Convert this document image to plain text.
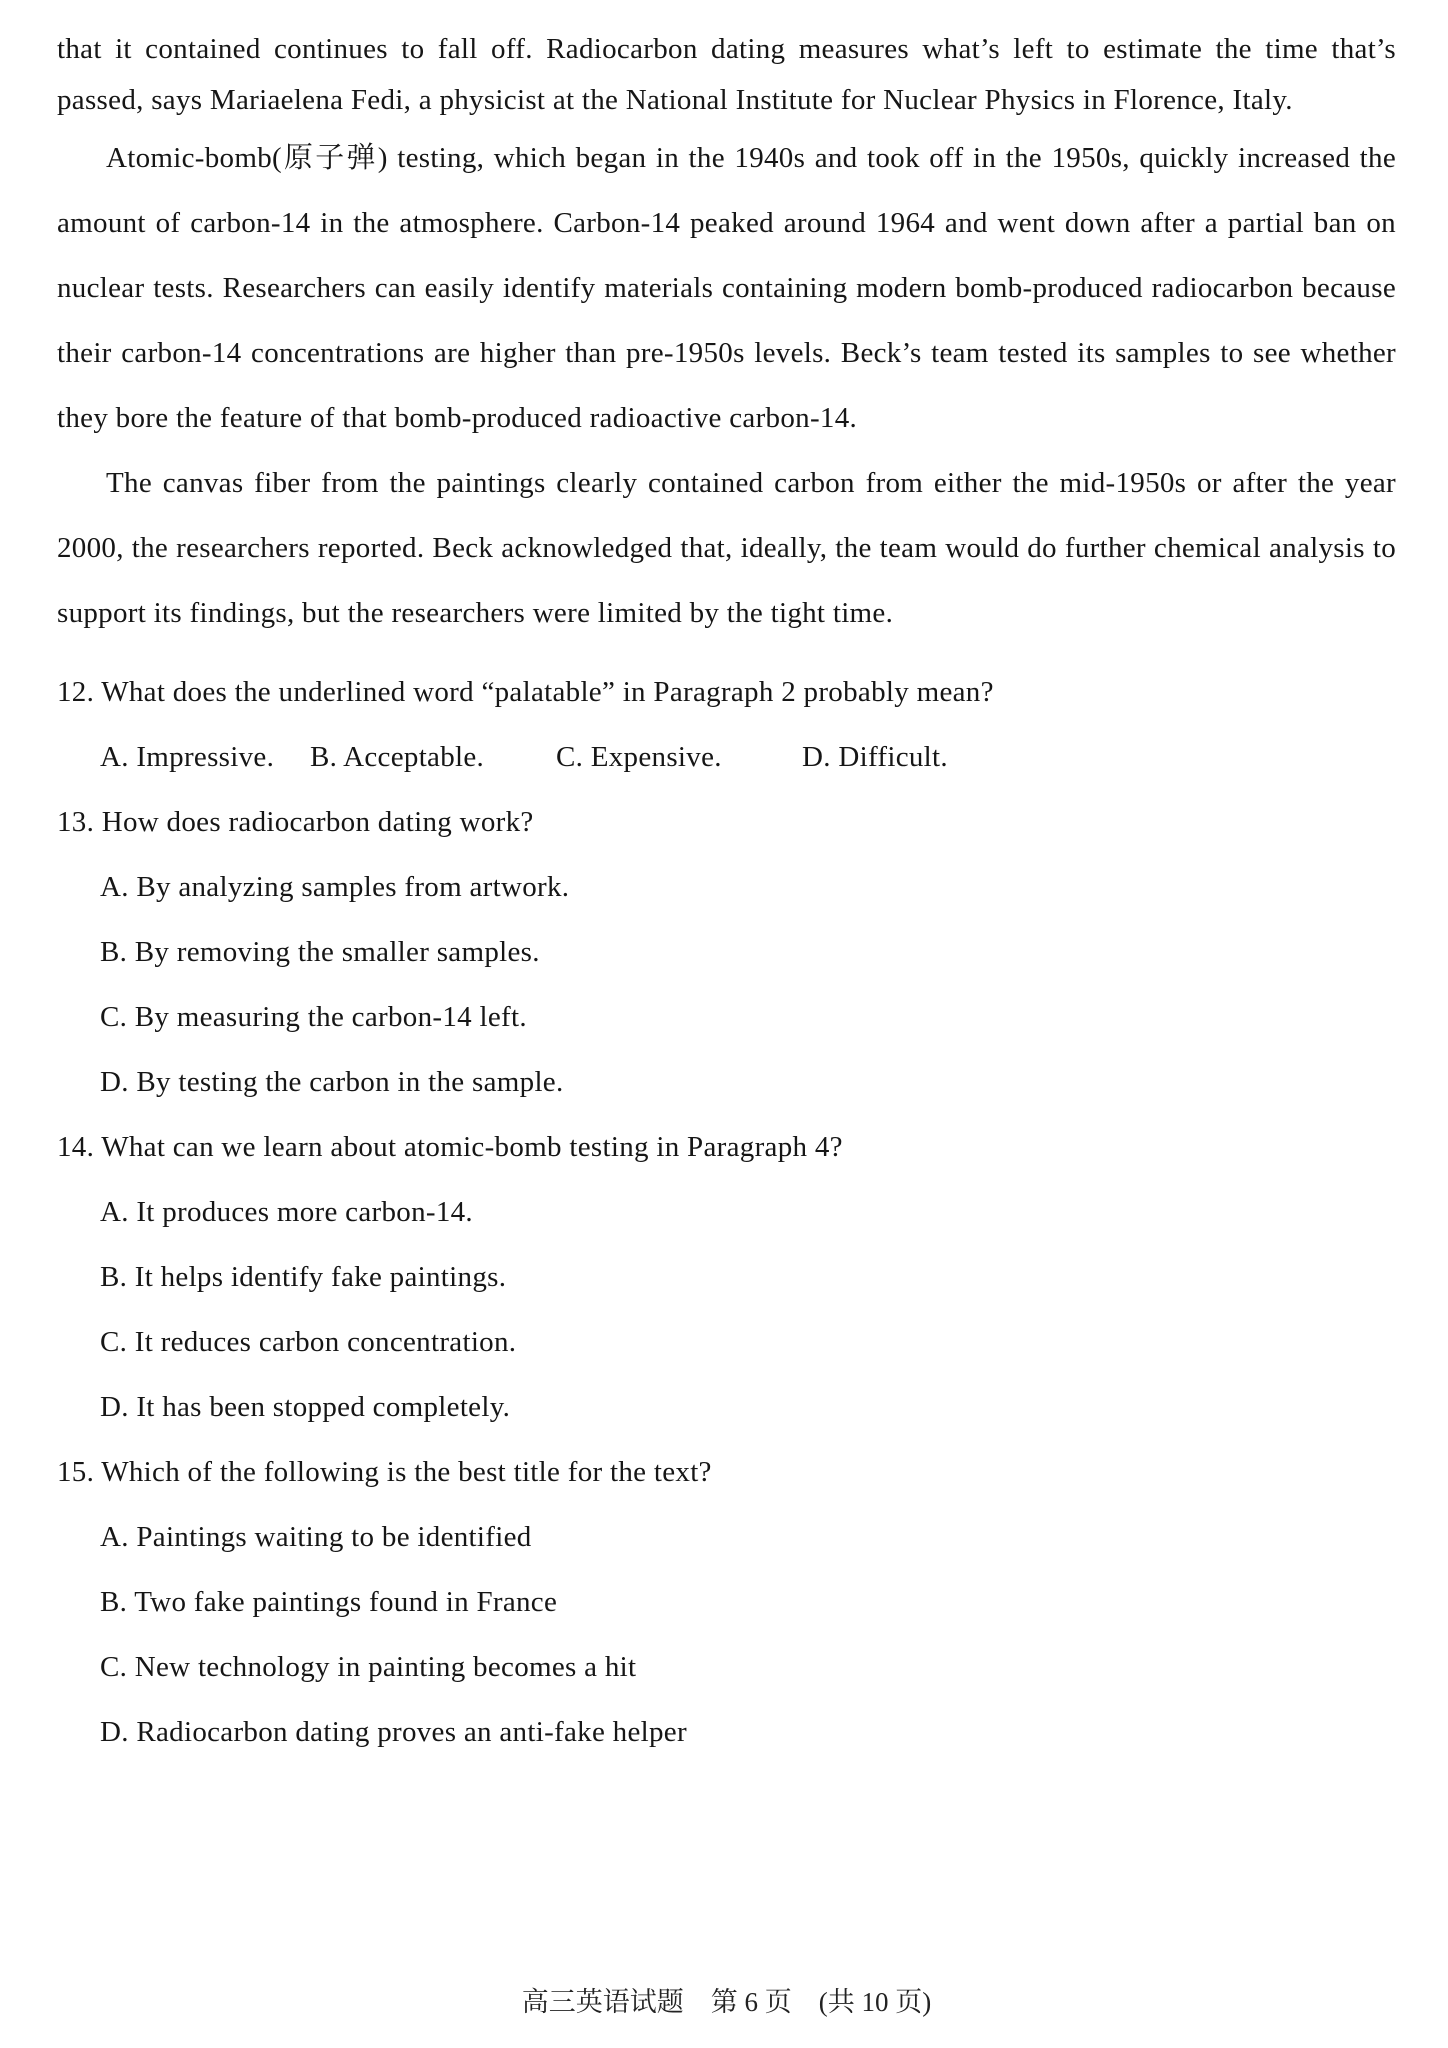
that it contained continues to fall off. Radiocarbon dating measures what’s left to estimate the time that’s passed, says Mariaelena Fedi, a physicist at the National Institute for Nuclear Physics in Florence, Italy.

Atomic-bomb(原子弹) testing, which began in the 1940s and took off in the 1950s, quickly increased the amount of carbon-14 in the atmosphere. Carbon-14 peaked around 1964 and went down after a partial ban on nuclear tests. Researchers can easily identify materials containing modern bomb-produced radiocarbon because their carbon-14 concentrations are higher than pre-1950s levels. Beck’s team tested its samples to see whether they bore the feature of that bomb-produced radioactive carbon-14.

The canvas fiber from the paintings clearly contained carbon from either the mid-1950s or after the year 2000, the researchers reported. Beck acknowledged that, ideally, the team would do further chemical analysis to support its findings, but the researchers were limited by the tight time.

12. What does the underlined word “palatable” in Paragraph 2 probably mean?

A. Impressive.	B. Acceptable.	C. Expensive.	D. Difficult.

13. How does radiocarbon dating work?

A. By analyzing samples from artwork.

B. By removing the smaller samples.

C. By measuring the carbon-14 left.

D. By testing the carbon in the sample.

14. What can we learn about atomic-bomb testing in Paragraph 4?

A. It produces more carbon-14.

B. It helps identify fake paintings.

C. It reduces carbon concentration.

D. It has been stopped completely.

15. Which of the following is the best title for the text?

A. Paintings waiting to be identified

B. Two fake paintings found in France

C. New technology in painting becomes a hit

D. Radiocarbon dating proves an anti-fake helper

高三英语试题　第 6 页　(共 10 页)
